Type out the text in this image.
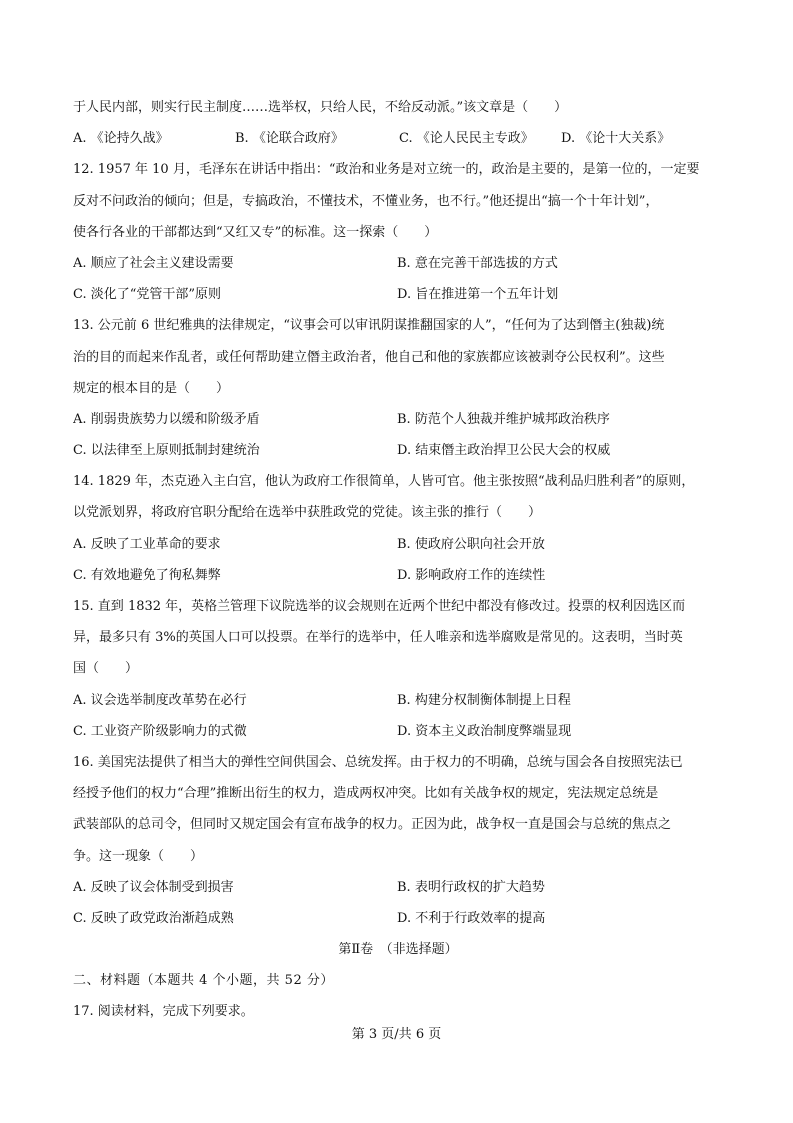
于人民内部，则实行民主制度……选举权，只给人民，不给反动派。”该文章是（　　）
A. 《论持久战》	B. 《论联合政府》	C. 《论人民民主专政》	D. 《论十大关系》
12. 1957 年 10 月，毛泽东在讲话中指出：“政治和业务是对立统一的，政治是主要的，是第一位的，一定要
反对不问政治的倾向；但是，专搞政治，不懂技术，不懂业务，也不行。”他还提出“搞一个十年计划”，
使各行各业的干部都达到“又红又专”的标准。这一探索（　　）
A. 顺应了社会主义建设需要	B. 意在完善干部选拔的方式
C. 淡化了“党管干部”原则	D. 旨在推进第一个五年计划
13. 公元前 6 世纪雅典的法律规定，“议事会可以审讯阴谋推翻国家的人”，“任何为了达到僭主(独裁)统
治的目的而起来作乱者，或任何帮助建立僭主政治者，他自己和他的家族都应该被剥夺公民权利”。这些
规定的根本目的是（　　）
A. 削弱贵族势力以缓和阶级矛盾	B. 防范个人独裁并维护城邦政治秩序
C. 以法律至上原则抵制封建统治	D. 结束僭主政治捍卫公民大会的权威
14. 1829 年，杰克逊入主白宫，他认为政府工作很简单，人皆可官。他主张按照“战利品归胜利者”的原则，
以党派划界，将政府官职分配给在选举中获胜政党的党徒。该主张的推行（　　）
A. 反映了工业革命的要求	B. 使政府公职向社会开放
C. 有效地避免了徇私舞弊	D. 影响政府工作的连续性
15. 直到 1832 年，英格兰管理下议院选举的议会规则在近两个世纪中都没有修改过。投票的权利因选区而
异，最多只有 3%的英国人口可以投票。在举行的选举中，任人唯亲和选举腐败是常见的。这表明，当时英
国（　　）
A. 议会选举制度改革势在必行	B. 构建分权制衡体制提上日程
C. 工业资产阶级影响力的式微	D. 资本主义政治制度弊端显现
16. 美国宪法提供了相当大的弹性空间供国会、总统发挥。由于权力的不明确，总统与国会各自按照宪法已
经授予他们的权力“合理”推断出衍生的权力，造成两权冲突。比如有关战争权的规定，宪法规定总统是
武装部队的总司令，但同时又规定国会有宣布战争的权力。正因为此，战争权一直是国会与总统的焦点之
争。这一现象（　　）
A. 反映了议会体制受到损害	B. 表明行政权的扩大趋势
C. 反映了政党政治渐趋成熟	D. 不利于行政效率的提高
第Ⅱ卷　（非选择题）
二、材料题（本题共 4 个小题，共 52 分）
17. 阅读材料，完成下列要求。
第 3 页/共 6 页
